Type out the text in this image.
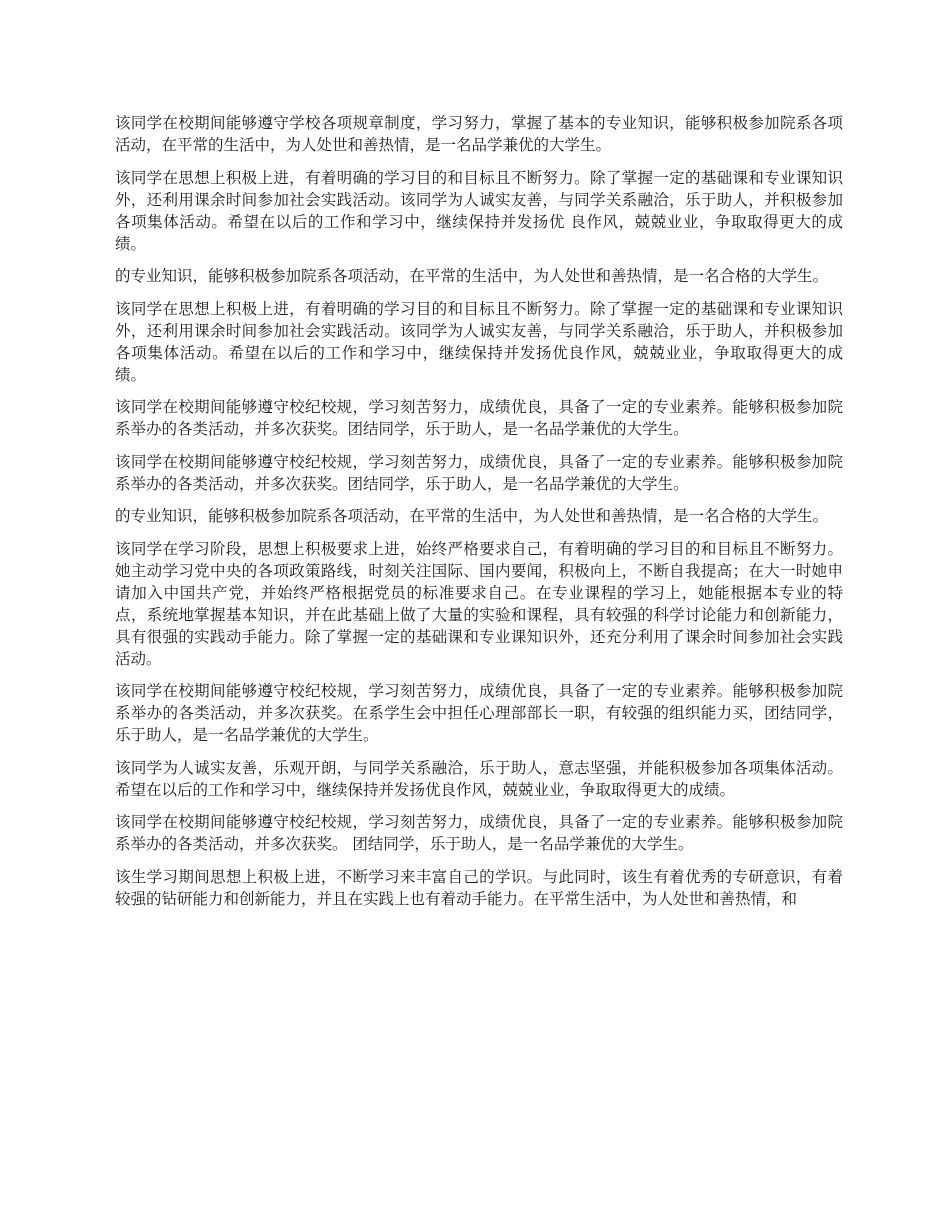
该同学在校期间能够遵守学校各项规章制度，学习努力，掌握了基本的专业知识，能够积极参加院系各项活动，在平常的生活中，为人处世和善热情，是一名品学兼优的大学生。

该同学在思想上积极上进，有着明确的学习目的和目标且不断努力。除了掌握一定的基础课和专业课知识外，还利用课余时间参加社会实践活动。该同学为人诚实友善，与同学关系融洽，乐于助人，并积极参加各项集体活动。希望在以后的工作和学习中，继续保持并发扬优 良作风，兢兢业业，争取取得更大的成绩。

的专业知识，能够积极参加院系各项活动，在平常的生活中，为人处世和善热情，是一名合格的大学生。

该同学在思想上积极上进，有着明确的学习目的和目标且不断努力。除了掌握一定的基础课和专业课知识外，还利用课余时间参加社会实践活动。该同学为人诚实友善，与同学关系融洽，乐于助人，并积极参加各项集体活动。希望在以后的工作和学习中，继续保持并发扬优良作风，兢兢业业，争取取得更大的成绩。

该同学在校期间能够遵守校纪校规，学习刻苦努力，成绩优良，具备了一定的专业素养。能够积极参加院系举办的各类活动，并多次获奖。团结同学，乐于助人，是一名品学兼优的大学生。

该同学在校期间能够遵守校纪校规，学习刻苦努力，成绩优良，具备了一定的专业素养。能够积极参加院系举办的各类活动，并多次获奖。团结同学，乐于助人，是一名品学兼优的大学生。

的专业知识，能够积极参加院系各项活动，在平常的生活中，为人处世和善热情，是一名合格的大学生。

该同学在学习阶段，思想上积极要求上进，始终严格要求自己，有着明确的学习目的和目标且不断努力。她主动学习党中央的各项政策路线，时刻关注国际、国内要闻，积极向上，不断自我提高；在大一时她申请加入中国共产党，并始终严格根据党员的标准要求自己。在专业课程的学习上，她能根据本专业的特点，系统地掌握基本知识，并在此基础上做了大量的实验和课程，具有较强的科学讨论能力和创新能力，具有很强的实践动手能力。除了掌握一定的基础课和专业课知识外，还充分利用了课余时间参加社会实践活动。

该同学在校期间能够遵守校纪校规，学习刻苦努力，成绩优良，具备了一定的专业素养。能够积极参加院系举办的各类活动，并多次获奖。在系学生会中担任心理部部长一职，有较强的组织能力买，团结同学，乐于助人，是一名品学兼优的大学生。

该同学为人诚实友善，乐观开朗，与同学关系融洽，乐于助人，意志坚强，并能积极参加各项集体活动。希望在以后的工作和学习中，继续保持并发扬优良作风，兢兢业业，争取取得更大的成绩。

该同学在校期间能够遵守校纪校规，学习刻苦努力，成绩优良，具备了一定的专业素养。能够积极参加院系举办的各类活动，并多次获奖。 团结同学，乐于助人，是一名品学兼优的大学生。

该生学习期间思想上积极上进，不断学习来丰富自己的学识。与此同时，该生有着优秀的专研意识，有着较强的钻研能力和创新能力，并且在实践上也有着动手能力。在平常生活中，为人处世和善热情，和
